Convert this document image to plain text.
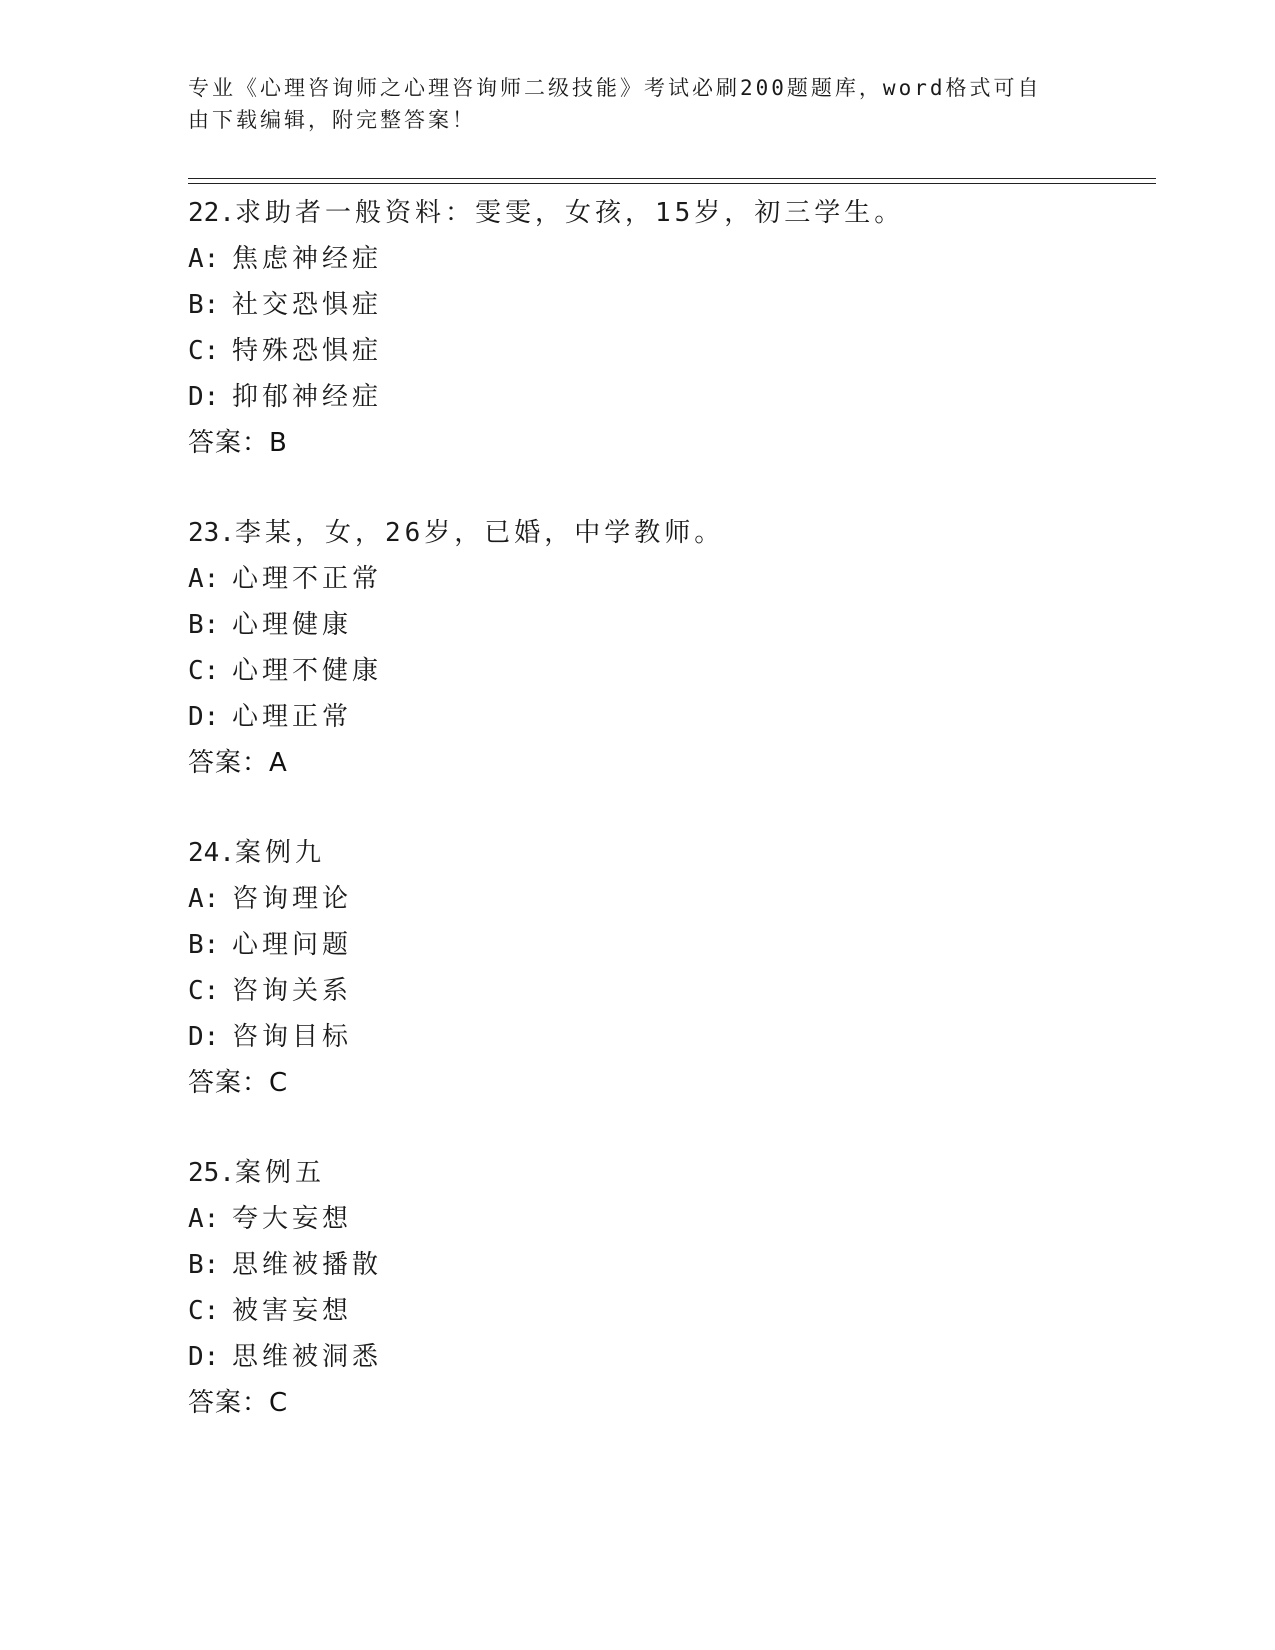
专业《心理咨询师之心理咨询师二级技能》考试必刷200题题库，word格式可自
由下载编辑，附完整答案！
22.求助者一般资料：雯雯，女孩，15岁，初三学生。
A: 焦虑神经症
B: 社交恐惧症
C: 特殊恐惧症
D: 抑郁神经症
答案：B
23.李某，女，26岁，已婚，中学教师。
A: 心理不正常
B: 心理健康
C: 心理不健康
D: 心理正常
答案：A
24.案例九
A: 咨询理论
B: 心理问题
C: 咨询关系
D: 咨询目标
答案：C
25.案例五
A: 夸大妄想
B: 思维被播散
C: 被害妄想
D: 思维被洞悉
答案：C
